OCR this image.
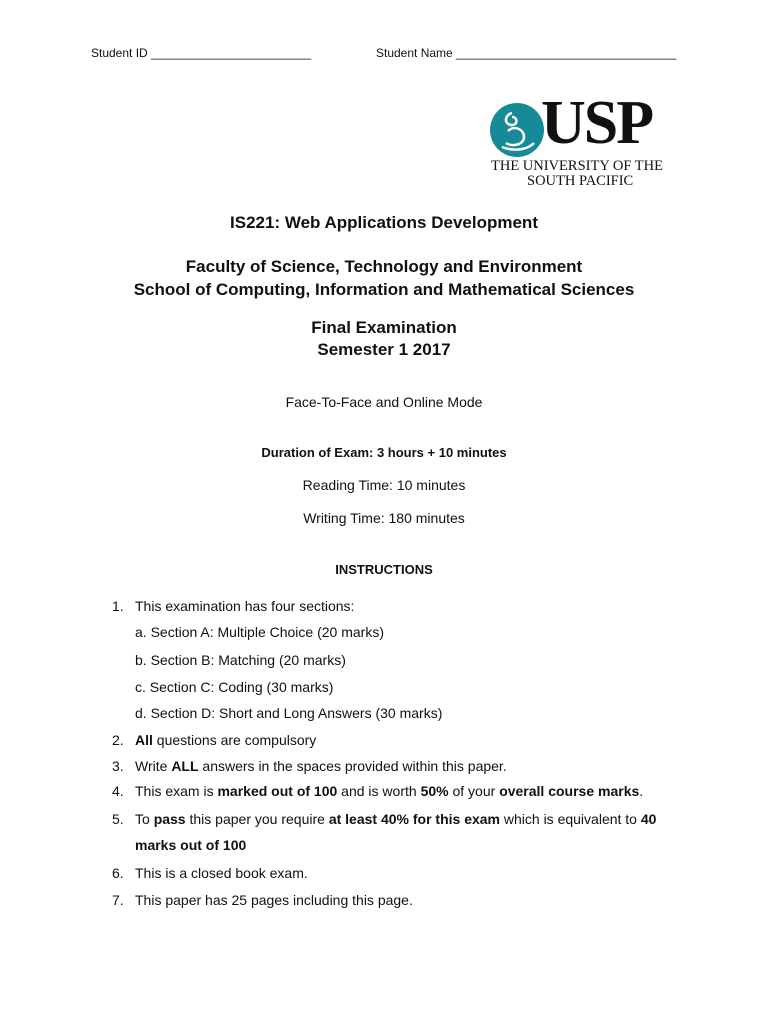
Student ID ________________________	Student Name _________________________________
USP
THE UNIVERSITY OF THE
SOUTH PACIFIC
IS221: Web Applications Development
Faculty of Science, Technology and Environment
School of Computing, Information and Mathematical Sciences
Final Examination
Semester 1 2017
Face-To-Face and Online Mode
Duration of Exam: 3 hours + 10 minutes
Reading Time: 10 minutes
Writing Time: 180 minutes
INSTRUCTIONS
1. This examination has four sections:
a. Section A: Multiple Choice (20 marks)
b. Section B: Matching (20 marks)
c. Section C: Coding (30 marks)
d. Section D: Short and Long Answers (30 marks)
2. All questions are compulsory
3. Write ALL answers in the spaces provided within this paper.
4. This exam is marked out of 100 and is worth 50% of your overall course marks.
5. To pass this paper you require at least 40% for this exam which is equivalent to 40
marks out of 100
6. This is a closed book exam.
7. This paper has 25 pages including this page.
